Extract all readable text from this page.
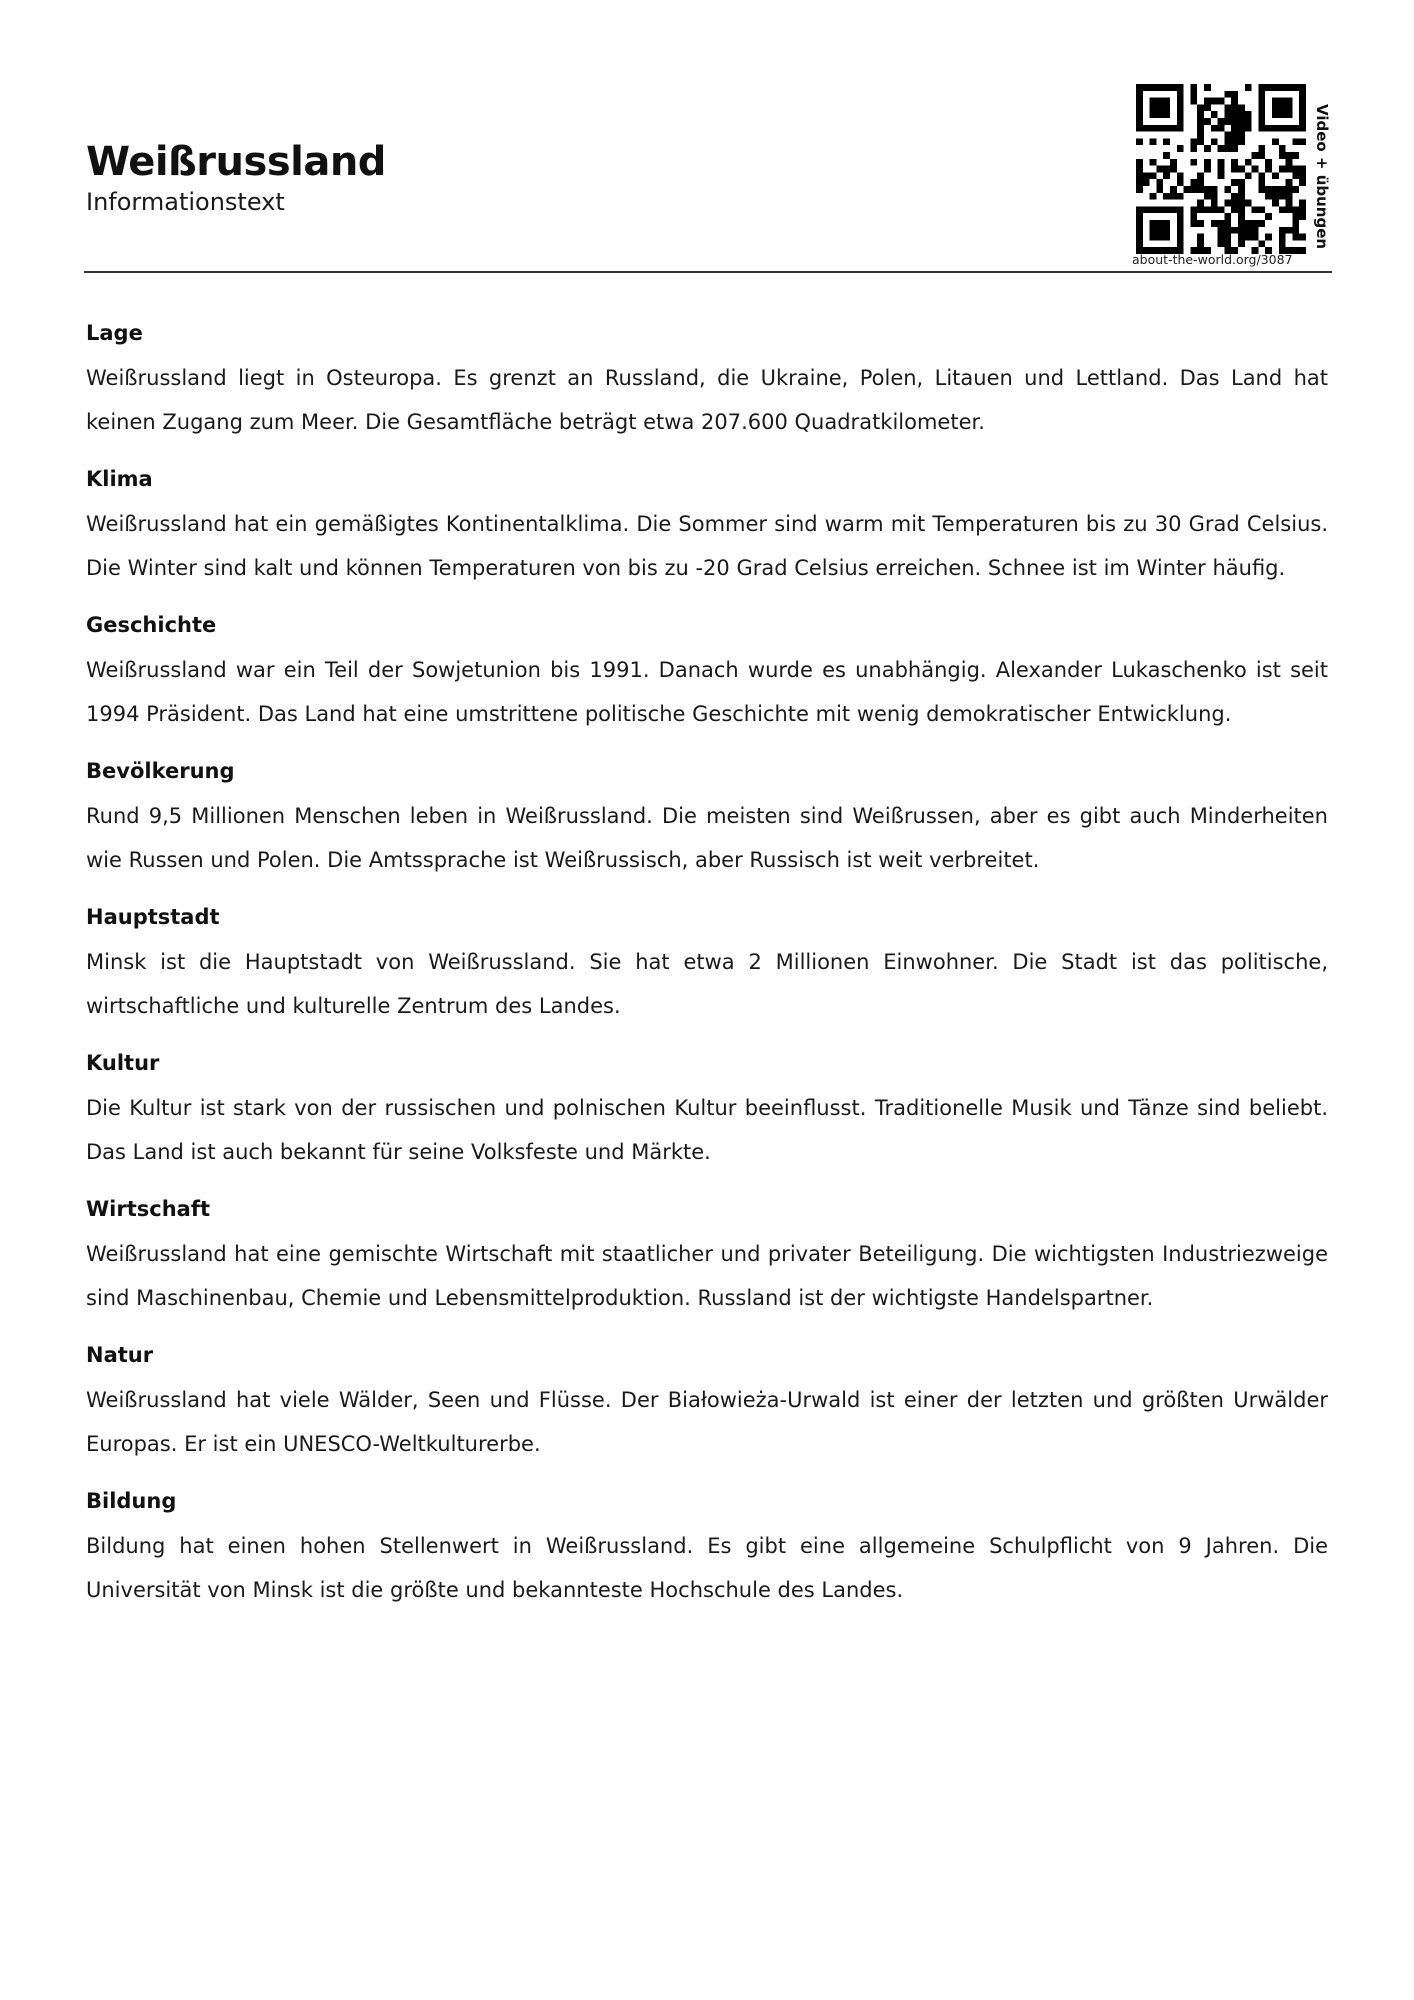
Weißrussland
Informationstext	Video + übungen
about-the-world.org/3087
Lage

Weißrussland liegt in Osteuropa. Es grenzt an Russland, die Ukraine, Polen, Litauen und Lettland. Das Land hat keinen Zugang zum Meer. Die Gesamtfläche beträgt etwa 207.600 Quadratkilometer.

Klima

Weißrussland hat ein gemäßigtes Kontinentalklima. Die Sommer sind warm mit Temperaturen bis zu 30 Grad Celsius. Die Winter sind kalt und können Temperaturen von bis zu -20 Grad Celsius erreichen. Schnee ist im Winter häufig.

Geschichte

Weißrussland war ein Teil der Sowjetunion bis 1991. Danach wurde es unabhängig. Alexander Lukaschenko ist seit 1994 Präsident. Das Land hat eine umstrittene politische Geschichte mit wenig demokratischer Entwicklung.

Bevölkerung

Rund 9,5 Millionen Menschen leben in Weißrussland. Die meisten sind Weißrussen, aber es gibt auch Minderheiten wie Russen und Polen. Die Amtssprache ist Weißrussisch, aber Russisch ist weit verbreitet.

Hauptstadt

Minsk ist die Hauptstadt von Weißrussland. Sie hat etwa 2 Millionen Einwohner. Die Stadt ist das politische, wirtschaftliche und kulturelle Zentrum des Landes.

Kultur

Die Kultur ist stark von der russischen und polnischen Kultur beeinflusst. Traditionelle Musik und Tänze sind beliebt. Das Land ist auch bekannt für seine Volksfeste und Märkte.

Wirtschaft

Weißrussland hat eine gemischte Wirtschaft mit staatlicher und privater Beteiligung. Die wichtigsten Industriezweige sind Maschinenbau, Chemie und Lebensmittelproduktion. Russland ist der wichtigste Handelspartner.

Natur

Weißrussland hat viele Wälder, Seen und Flüsse. Der Białowieża-Urwald ist einer der letzten und größten Urwälder Europas. Er ist ein UNESCO-Weltkulturerbe.

Bildung

Bildung hat einen hohen Stellenwert in Weißrussland. Es gibt eine allgemeine Schulpflicht von 9 Jahren. Die Universität von Minsk ist die größte und bekannteste Hochschule des Landes.
